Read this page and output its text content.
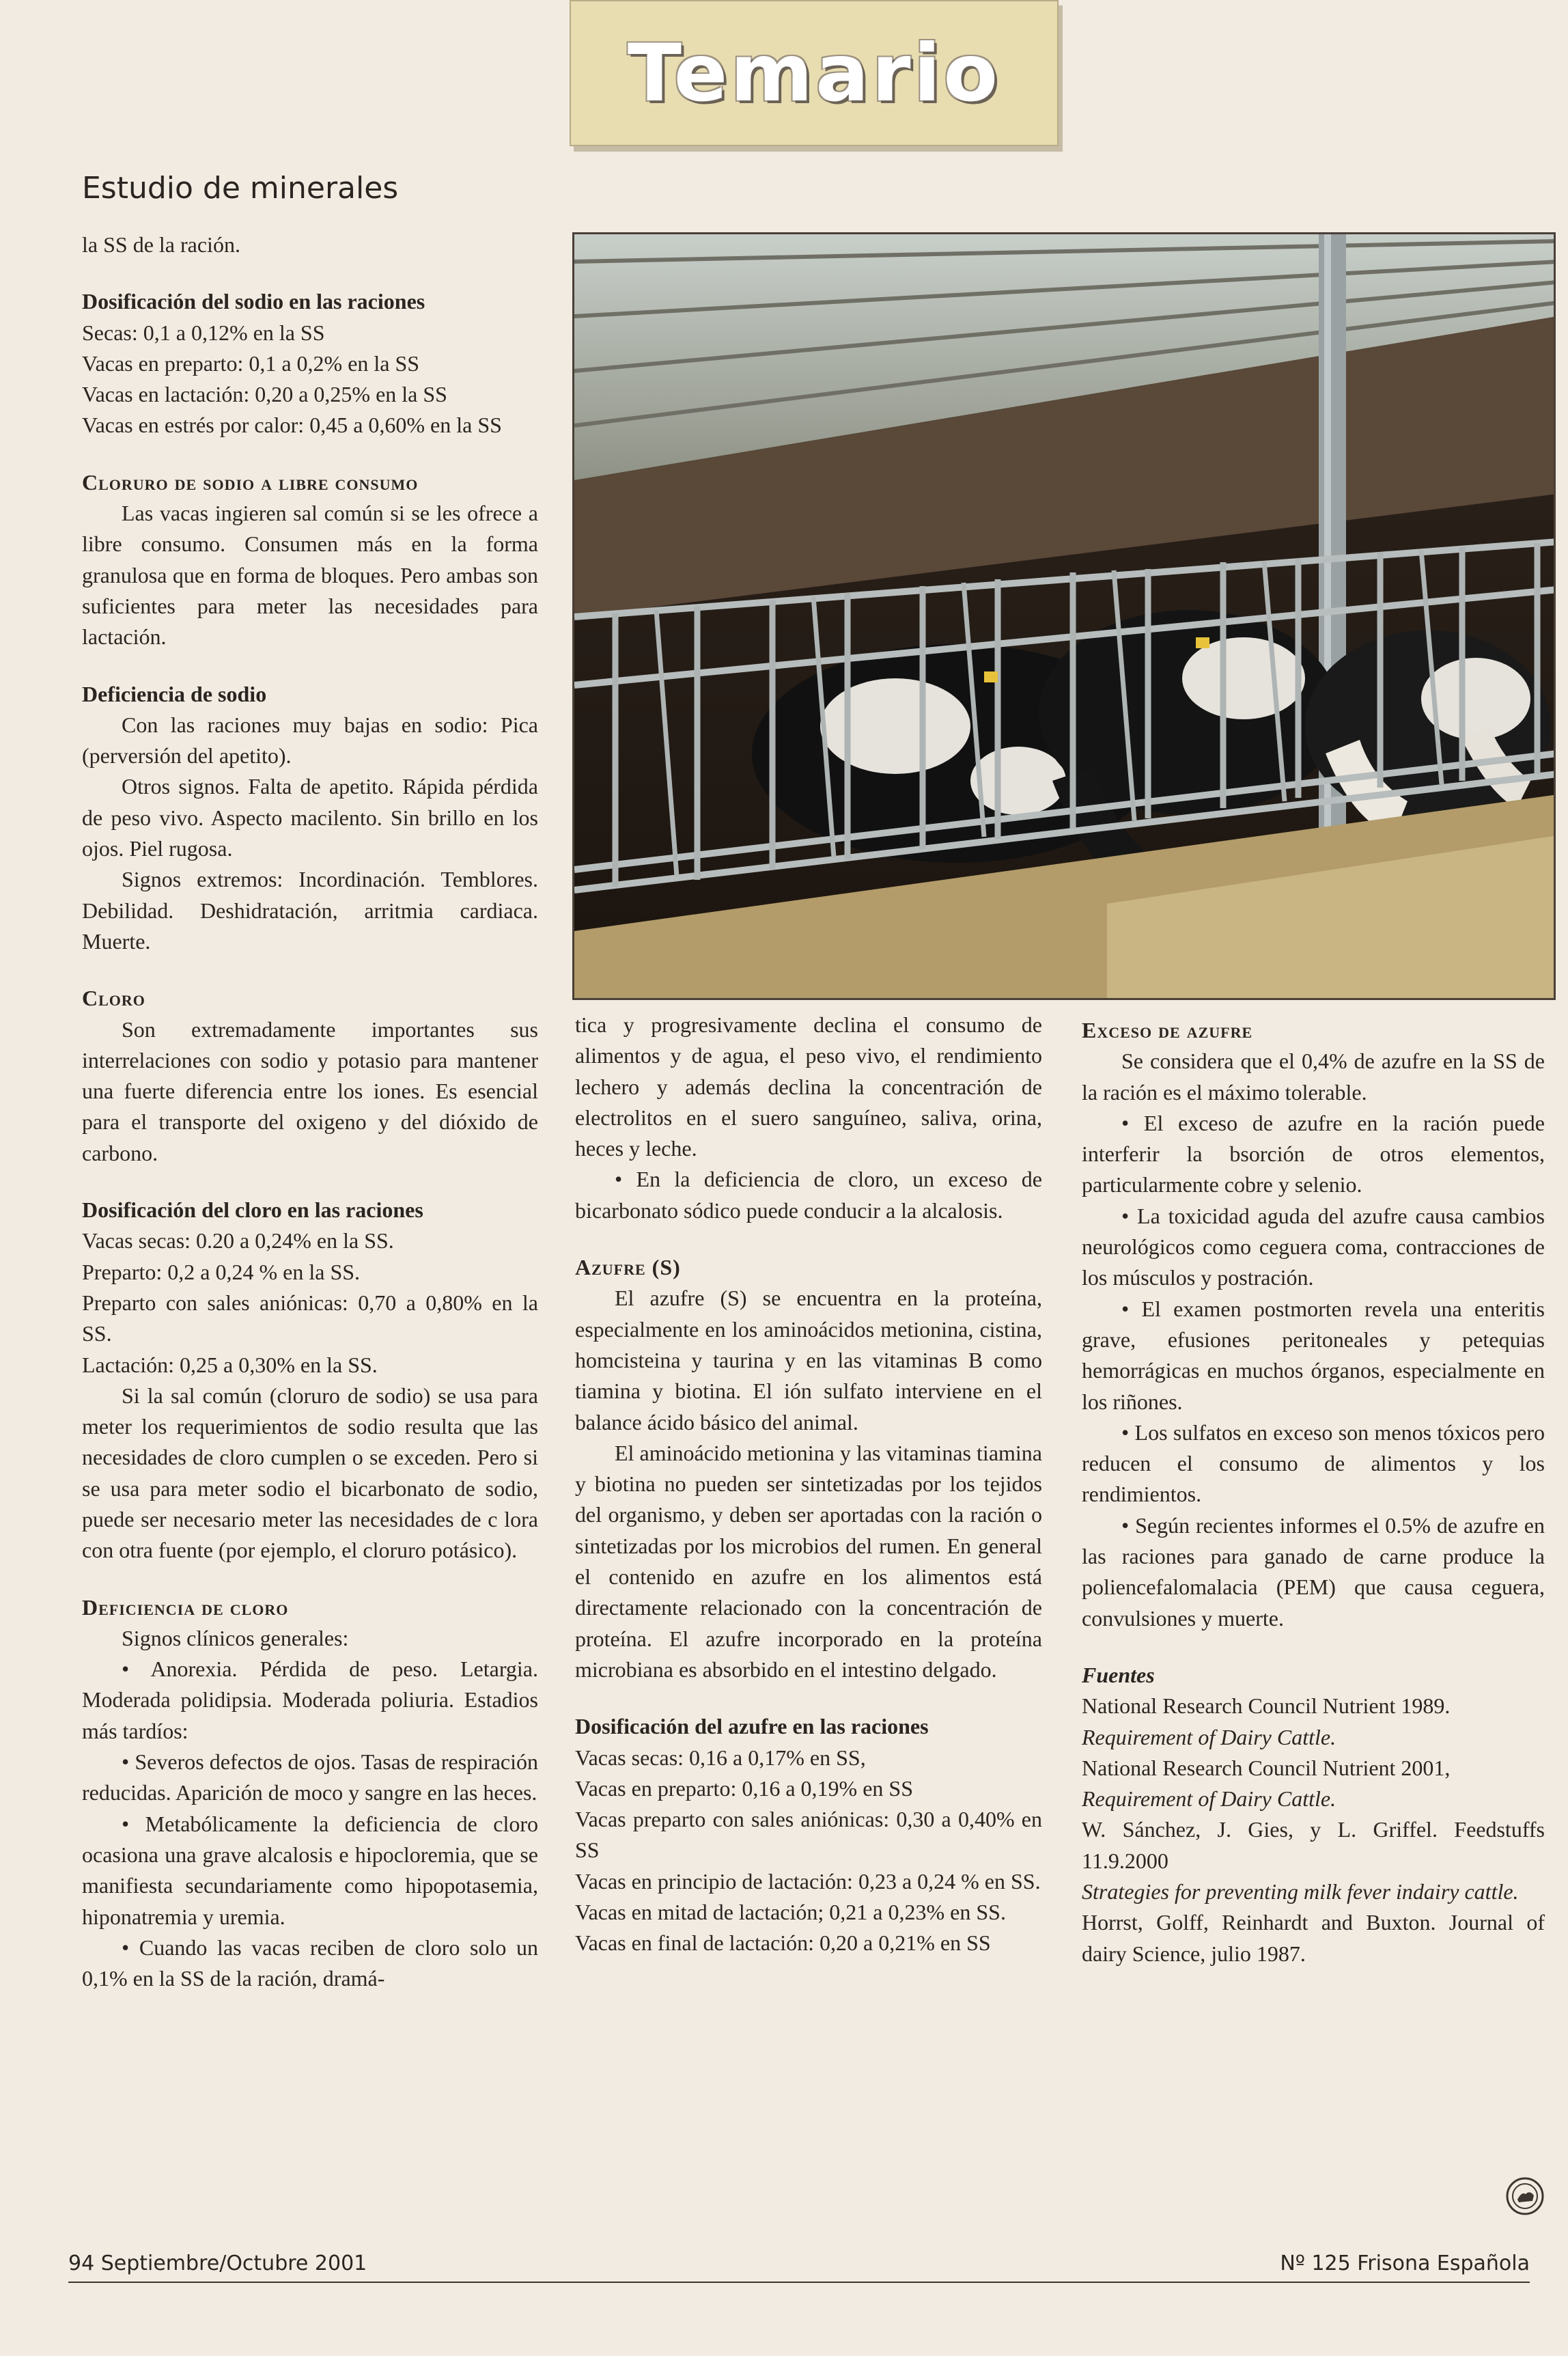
Temario
Estudio de minerales

la SS de la ración.

Dosificación del sodio en las raciones

Secas: 0,1 a 0,12% en la SS

Vacas en preparto: 0,1 a 0,2% en la SS

Vacas en lactación: 0,20 a 0,25% en la SS

Vacas en estrés por calor: 0,45 a 0,60% en la SS

Cloruro de sodio a libre consumo

Las vacas ingieren sal común si se les ofrece a libre consumo. Consumen más en la forma granulosa que en forma de bloques. Pero ambas son suficientes para meter las necesidades para lactación.

Deficiencia de sodio

Con las raciones muy bajas en sodio: Pica (perversión del apetito).

Otros signos. Falta de apetito. Rápida pérdida de peso vivo. Aspecto macilento. Sin brillo en los ojos. Piel rugosa.

Signos extremos: Incordinación. Temblores. Debilidad. Deshidratación, arritmia cardiaca. Muerte.

Cloro

Son extremadamente importantes sus interrelaciones con sodio y potasio para mantener una fuerte diferencia entre los iones. Es esencial para el transporte del oxigeno y del dióxido de carbono.

Dosificación del cloro en las raciones

Vacas secas: 0.20 a 0,24% en la SS.

Preparto: 0,2 a 0,24 % en la SS.

Preparto con sales aniónicas: 0,70 a 0,80% en la SS.

Lactación: 0,25 a 0,30% en la SS.

Si la sal común (cloruro de sodio) se usa para meter los requerimientos de sodio resulta que las necesidades de cloro cumplen o se exceden. Pero si se usa para meter sodio el bicarbonato de sodio, puede ser necesario meter las necesidades de c lora con otra fuente (por ejemplo, el cloruro potásico).

Deficiencia de cloro

Signos clínicos generales:

• Anorexia. Pérdida de peso. Letargia. Moderada polidipsia. Moderada poliuria. Estadios más tardíos:

• Severos defectos de ojos. Tasas de respiración reducidas. Aparición de moco y sangre en las heces.

• Metabólicamente la deficiencia de cloro ocasiona una grave alcalosis e hipocloremia, que se manifiesta secundariamente como hipopotasemia, hiponatremia y uremia.

• Cuando las vacas reciben de cloro solo un 0,1% en la SS de la ración, dramá-

tica y progresivamente declina el consumo de alimentos y de agua, el peso vivo, el rendimiento lechero y además declina la concentración de electrolitos en el suero sanguíneo, saliva, orina, heces y leche.

• En la deficiencia de cloro, un exceso de bicarbonato sódico puede conducir a la alcalosis.

Azufre (S)

El azufre (S) se encuentra en la proteína, especialmente en los aminoácidos metionina, cistina, homcisteina y taurina y en las vitaminas B como tiamina y biotina. El ión sulfato interviene en el balance ácido básico del animal.

El aminoácido metionina y las vitaminas tiamina y biotina no pueden ser sintetizadas por los tejidos del organismo, y deben ser aportadas con la ración o sintetizadas por los microbios del rumen. En general el contenido en azufre en los alimentos está directamente relacionado con la concentración de proteína. El azufre incorporado en la proteína microbiana es absorbido en el intestino delgado.

Dosificación del azufre en las raciones

Vacas secas: 0,16 a 0,17% en SS,

Vacas en preparto: 0,16 a 0,19% en SS

Vacas preparto con sales aniónicas: 0,30 a 0,40% en SS

Vacas en principio de lactación: 0,23 a 0,24 % en SS.

Vacas en mitad de lactación; 0,21 a 0,23% en SS.

Vacas en final de lactación: 0,20 a 0,21% en SS

Exceso de azufre

Se considera que el 0,4% de azufre en la SS de la ración es el máximo tolerable.

• El exceso de azufre en la ración puede interferir la bsorción de otros elementos, particularmente cobre y selenio.

• La toxicidad aguda del azufre causa cambios neurológicos como ceguera coma, contracciones de los músculos y postración.

• El examen postmorten revela una enteritis grave, efusiones peritoneales y petequias hemorrágicas en muchos órganos, especialmente en los riñones.

• Los sulfatos en exceso son menos tóxicos pero reducen el consumo de alimentos y los rendimientos.

• Según recientes informes el 0.5% de azufre en las raciones para ganado de carne produce la poliencefalomalacia (PEM) que causa ceguera, convulsiones y muerte.

Fuentes

National Research Council Nutrient 1989.

Requirement of Dairy Cattle.

National Research Council Nutrient 2001,

Requirement of Dairy Cattle.

W. Sánchez, J. Gies, y L. Griffel. Feedstuffs 11.9.2000

Strategies for preventing milk fever indairy cattle.

Horrst, Golff, Reinhardt and Buxton. Journal of dairy Science, julio 1987.

94 Septiembre/Octubre 2001	Nº 125 Frisona Española
